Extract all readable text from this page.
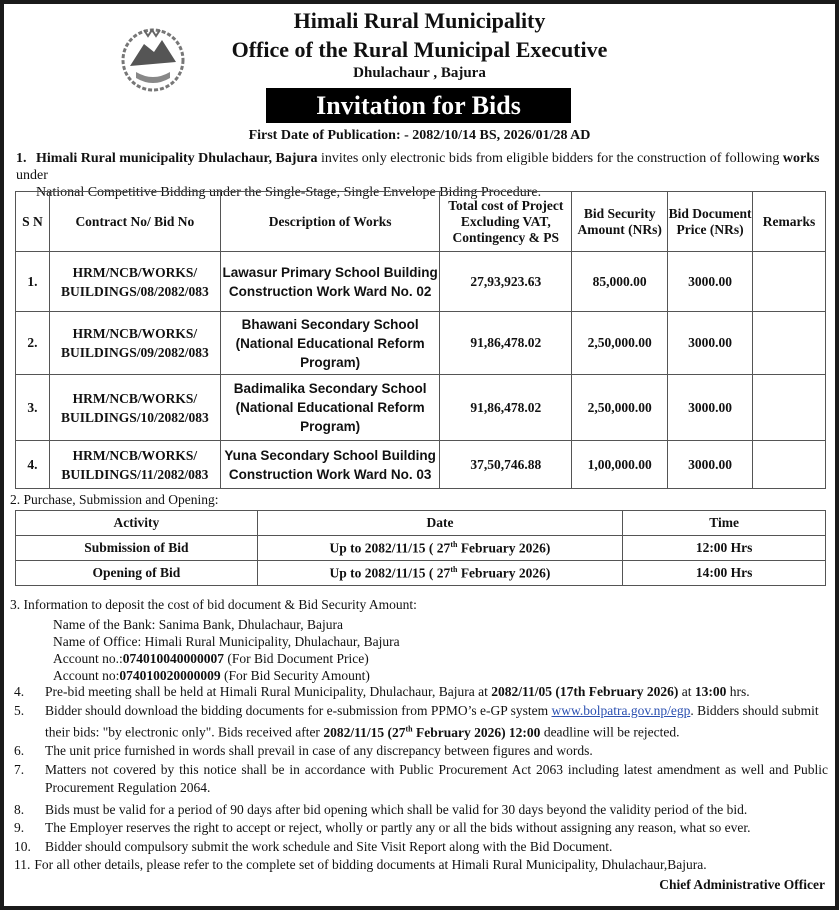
Himali Rural Municipality
Office of the Rural Municipal Executive
Dhulachaur , Bajura
Invitation for Bids
First Date of Publication: - 2082/10/14 BS, 2026/01/28 AD
1. Himali Rural municipality Dhulachaur, Bajura invites only electronic bids from eligible bidders for the construction of following works under
National Competitive Bidding under the Single-Stage, Single Envelope Biding Procedure.
S N	Contract No/ Bid No	Description of Works	Total cost of Project Excluding VAT, Contingency & PS	Bid Security Amount (NRs)	Bid Document Price (NRs)	Remarks
1.	HRM/NCB/WORKS/
BUILDINGS/08/2082/083	Lawasur Primary School Building Construction Work Ward No. 02	27,93,923.63	85,000.00	3000.00	
2.	HRM/NCB/WORKS/
BUILDINGS/09/2082/083	Bhawani Secondary School (National Educational Reform Program)	91,86,478.02	2,50,000.00	3000.00	
3.	HRM/NCB/WORKS/
BUILDINGS/10/2082/083	Badimalika Secondary School (National Educational Reform Program)	91,86,478.02	2,50,000.00	3000.00	
4.	HRM/NCB/WORKS/
BUILDINGS/11/2082/083	Yuna Secondary School Building Construction Work Ward No. 03	37,50,746.88	1,00,000.00	3000.00	
2. Purchase, Submission and Opening:
Activity	Date	Time
Submission of Bid	Up to 2082/11/15 ( 27th February 2026)	12:00 Hrs
Opening of Bid	Up to 2082/11/15 ( 27th February 2026)	14:00 Hrs
3. Information to deposit the cost of bid document & Bid Security Amount:
Name of the Bank: Sanima Bank, Dhulachaur, Bajura
Name of Office: Himali Rural Municipality, Dhulachaur, Bajura
Account no.:074010040000007 (For Bid Document Price)
Account no:074010020000009 (For Bid Security Amount)
4.	Pre-bid meeting shall be held at Himali Rural Municipality, Dhulachaur, Bajura at 2082/11/05 (17th February 2026) at 13:00 hrs.
5.	Bidder should download the bidding documents for e-submission from PPMO’s e-GP system www.bolpatra.gov.np/egp. Bidders should submit their bids: "by electronic only". Bids received after 2082/11/15 (27th February 2026) 12:00 deadline will be rejected.
6.	The unit price furnished in words shall prevail in case of any discrepancy between figures and words.
7.	Matters not covered by this notice shall be in accordance with Public Procurement Act 2063 including latest amendment as well and Public Procurement Regulation 2064.
8.	Bids must be valid for a period of 90 days after bid opening which shall be valid for 30 days beyond the validity period of the bid.
9.	The Employer reserves the right to accept or reject, wholly or partly any or all the bids without assigning any reason, what so ever.
10.	Bidder should compulsory submit the work schedule and Site Visit Report along with the Bid Document.
11. For all other details, please refer to the complete set of bidding documents at Himali Rural Municipality, Dhulachaur,Bajura.
Chief Administrative Officer
